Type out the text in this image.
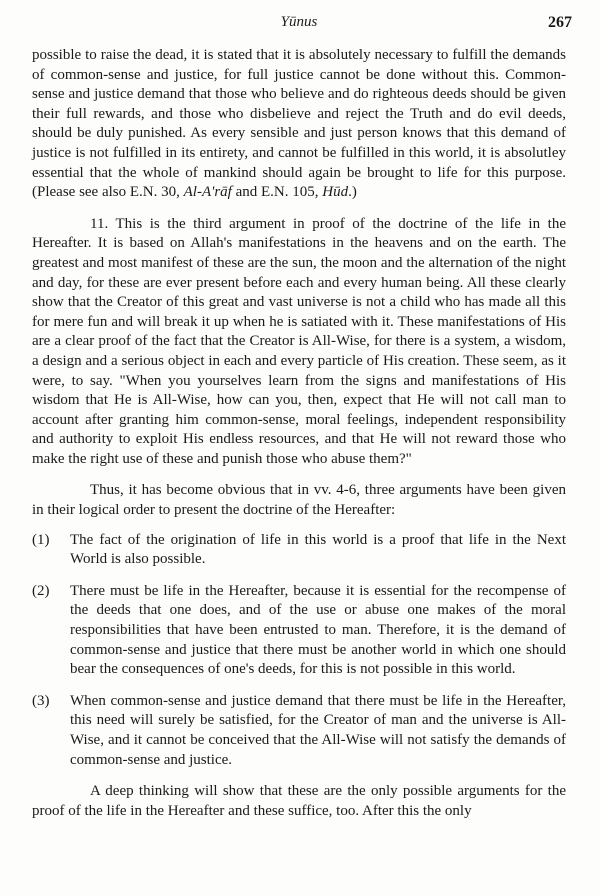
Yūnus	267

possible to raise the dead, it is stated that it is absolutely necessary to fulfill the demands of common-sense and justice, for full justice cannot be done without this. Common-sense and justice demand that those who believe and do righteous deeds should be given their full rewards, and those who disbelieve and reject the Truth and do evil deeds, should be duly punished. As every sensible and just person knows that this demand of justice is not fulfilled in its entirety, and cannot be fulfilled in this world, it is absolutley essential that the whole of mankind should again be brought to life for this purpose. (Please see also E.N. 30, Al-A'rāf and E.N. 105, Hūd.)

11. This is the third argument in proof of the doctrine of the life in the Hereafter. It is based on Allah's manifestations in the heavens and on the earth. The greatest and most manifest of these are the sun, the moon and the alternation of the night and day, for these are ever present before each and every human being. All these clearly show that the Creator of this great and vast universe is not a child who has made all this for mere fun and will break it up when he is satiated with it. These manifestations of His are a clear proof of the fact that the Creator is All-Wise, for there is a system, a wisdom, a design and a serious object in each and every particle of His creation. These seem, as it were, to say. "When you yourselves learn from the signs and manifestations of His wisdom that He is All-Wise, how can you, then, expect that He will not call man to account after granting him common-sense, moral feelings, independent responsibility and authority to exploit His endless resources, and that He will not reward those who make the right use of these and punish those who abuse them?"

Thus, it has become obvious that in vv. 4-6, three arguments have been given in their logical order to present the doctrine of the Hereafter:

(1) The fact of the origination of life in this world is a proof that life in the Next World is also possible.
(2) There must be life in the Hereafter, because it is essential for the recompense of the deeds that one does, and of the use or abuse one makes of the moral responsibilities that have been entrusted to man. Therefore, it is the demand of common-sense and justice that there must be another world in which one should bear the consequences of one's deeds, for this is not possible in this world.
(3) When common-sense and justice demand that there must be life in the Hereafter, this need will surely be satisfied, for the Creator of man and the universe is All-Wise, and it cannot be conceived that the All-Wise will not satisfy the demands of common-sense and justice.

A deep thinking will show that these are the only possible arguments for the proof of the life in the Hereafter and these suffice, too. After this the only
